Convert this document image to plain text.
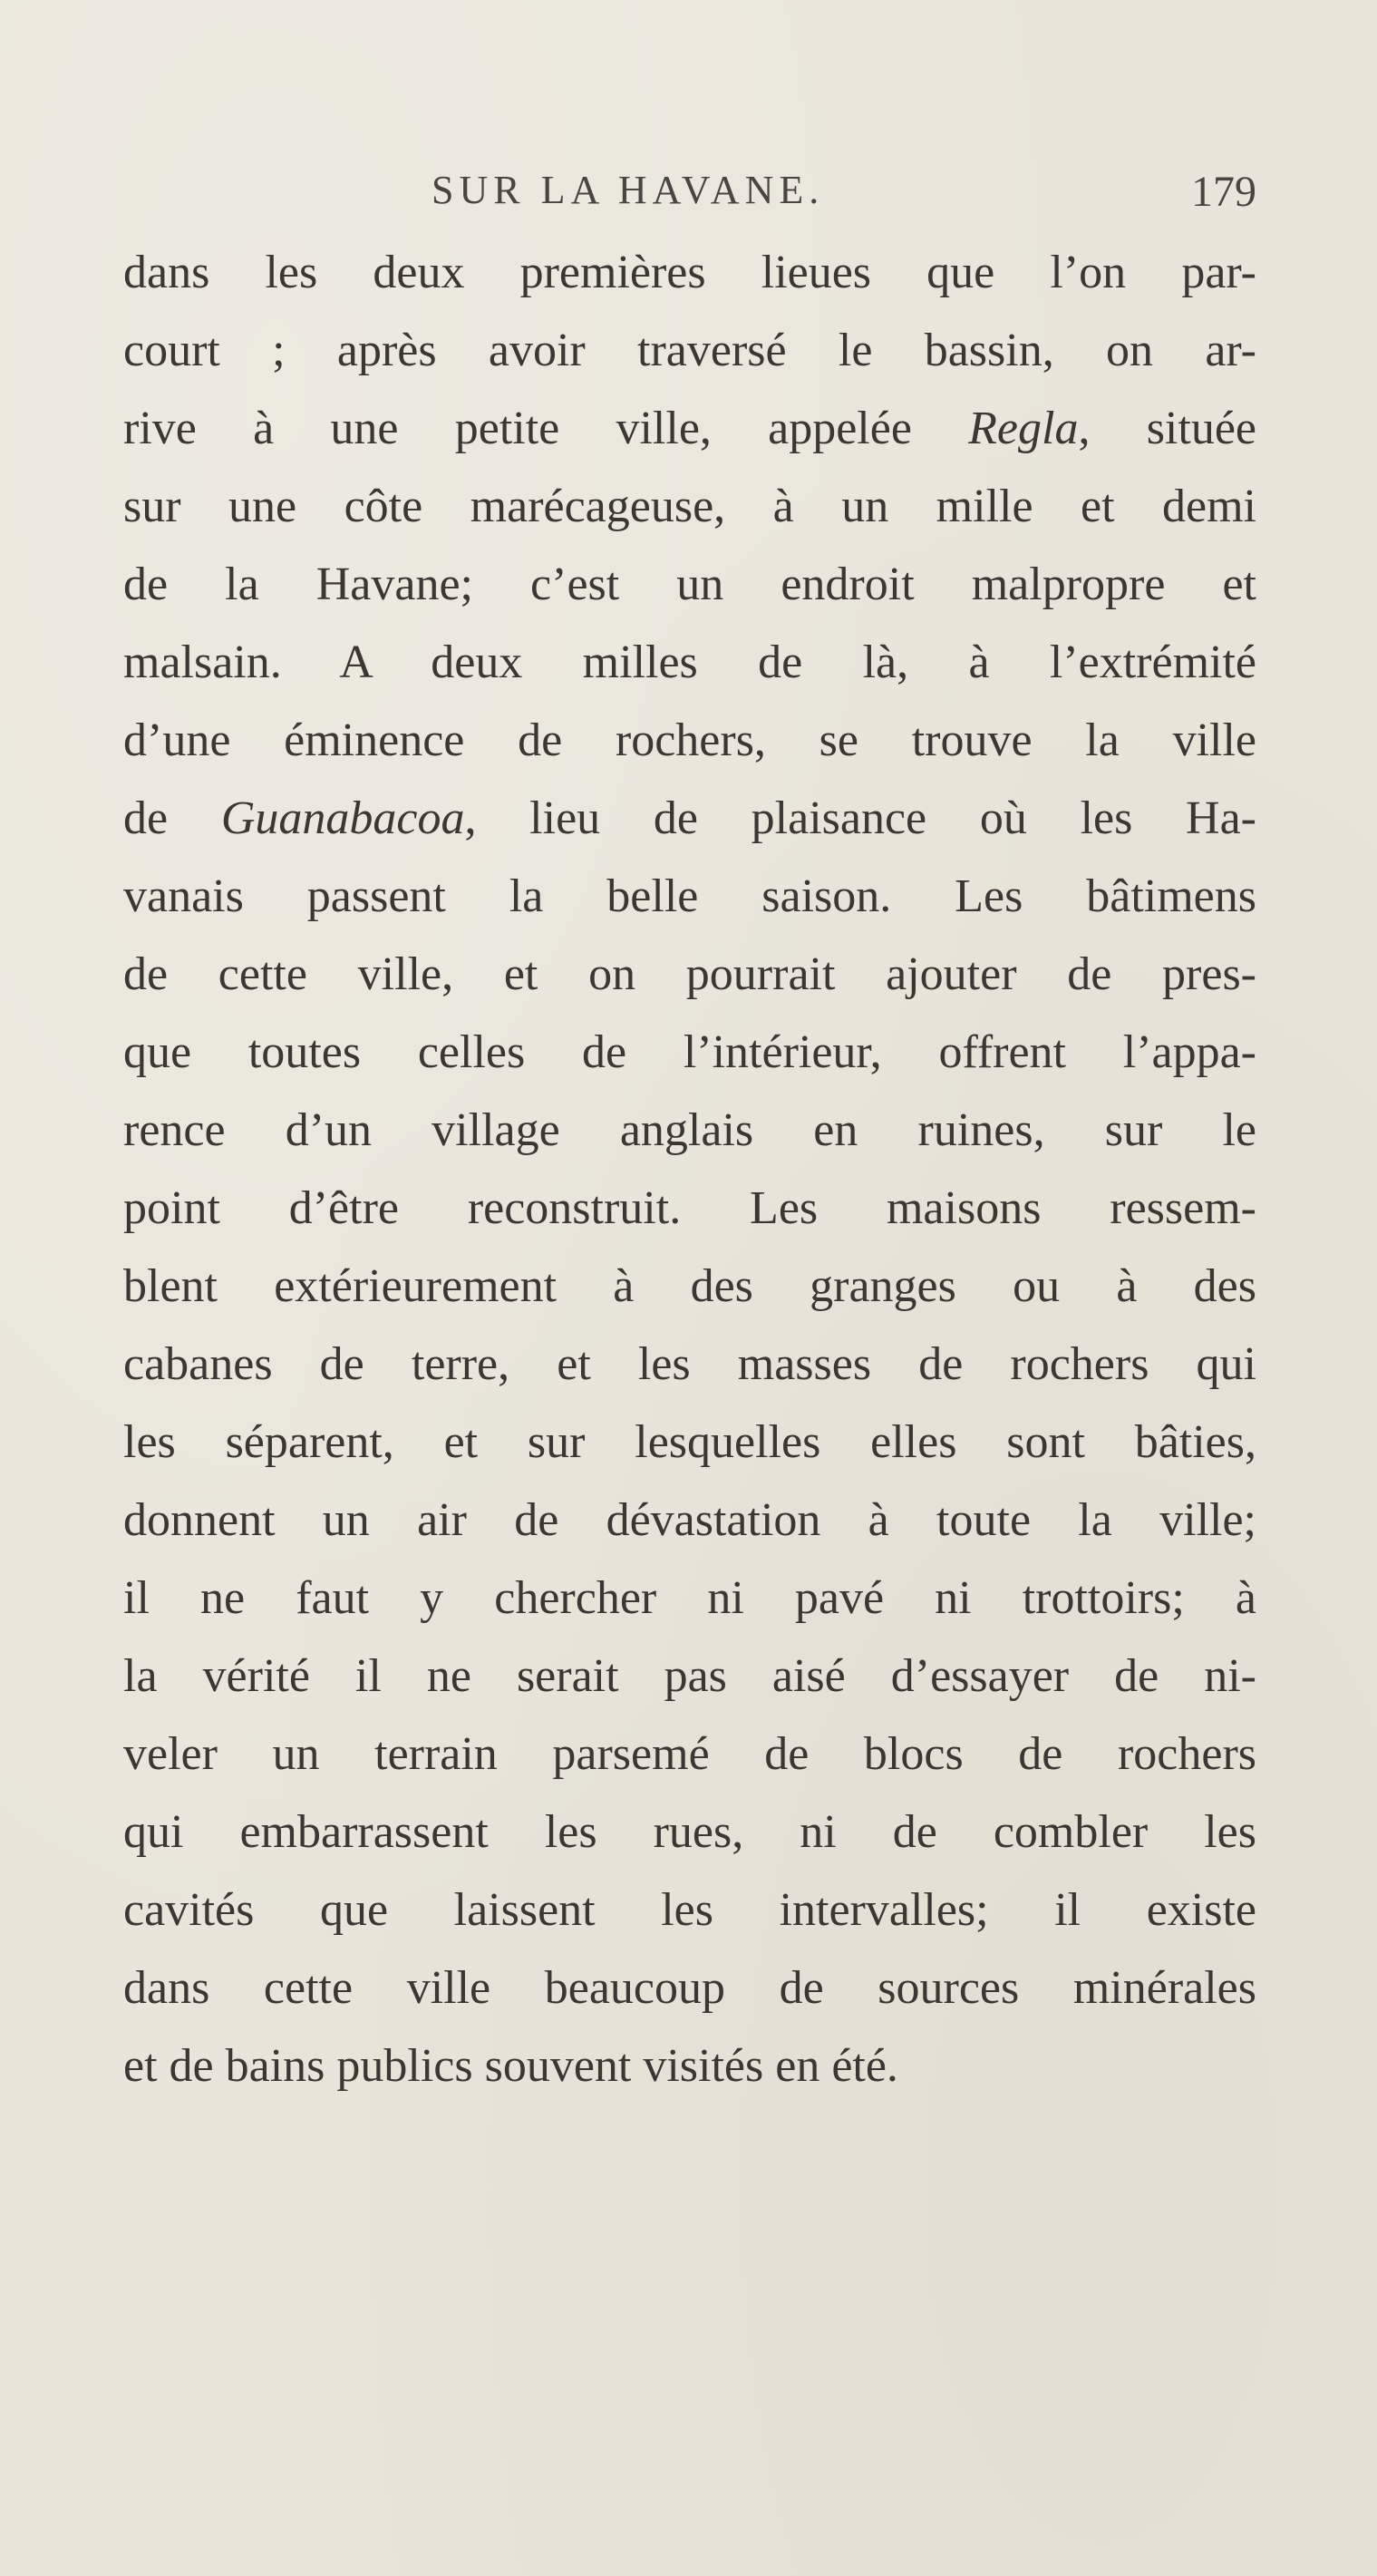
SUR LA HAVANE.	179
dans les deux premières lieues que l’on par-
court ; après avoir traversé le bassin, on ar-
rive à une petite ville, appelée Regla, située
sur une côte marécageuse, à un mille et demi
de la Havane; c’est un endroit malpropre et
malsain. A deux milles de là, à l’extrémité
d’une éminence de rochers, se trouve la ville
de Guanabacoa, lieu de plaisance où les Ha-
vanais passent la belle saison. Les bâtimens
de cette ville, et on pourrait ajouter de pres-
que toutes celles de l’intérieur, offrent l’appa-
rence d’un village anglais en ruines, sur le
point d’être reconstruit. Les maisons ressem-
blent extérieurement à des granges ou à des
cabanes de terre, et les masses de rochers qui
les séparent, et sur lesquelles elles sont bâties,
donnent un air de dévastation à toute la ville;
il ne faut y chercher ni pavé ni trottoirs; à
la vérité il ne serait pas aisé d’essayer de ni-
veler un terrain parsemé de blocs de rochers
qui embarrassent les rues, ni de combler les
cavités que laissent les intervalles; il existe
dans cette ville beaucoup de sources minérales
et de bains publics souvent visités en été.
